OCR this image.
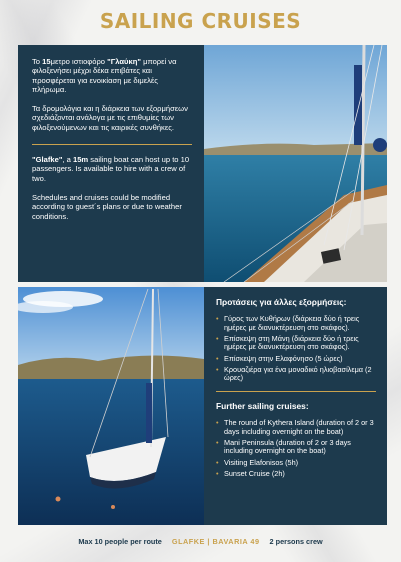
SAILING CRUISES

Το 15μετρο ιστιοφόρο "Γλαύκη" μπορεί να φιλοξενήσει μέχρι δέκα επιβάτες και προσφέρεται για ενοικίαση με διμελές πλήρωμα.

Τα δρομολόγια και η διάρκεια των εξορμήσεων σχεδιάζονται ανάλογα με τις επιθυμίες των φιλοξενούμενων και τις καιρικές συνθήκες.

"Glafke", a 15m sailing boat can host up to 10 passengers. Is available to hire with a crew of two.

Schedules and cruises could be modified according to guest´s plans or due to weather conditions.

Προτάσεις για άλλες εξορμήσεις:
• Γύρος των Κυθήρων (διάρκεια δύο ή τρεις ημέρες με διανυκτέρευση στο σκάφος).
• Επίσκεψη στη Μάνη (διάρκεια δύο ή τρεις ημέρες με διανυκτέρευση στο σκάφος).
• Επίσκεψη στην Ελαφόνησο (5 ώρες)
• Κρουαζιέρα για ένα μοναδικό ηλιοβασίλεμα (2 ώρες)
Further sailing cruises:
• The round of Kythera Island (duration of 2 or 3 days including overnight on the boat)
• Mani Peninsula (duration of 2 or 3 days including overnight on the boat)
• Visiting Elafonisos (5h)
• Sunset Cruise (2h)
Max 10 people per route GLAFKE | BAVARIA 49 2 persons crew
